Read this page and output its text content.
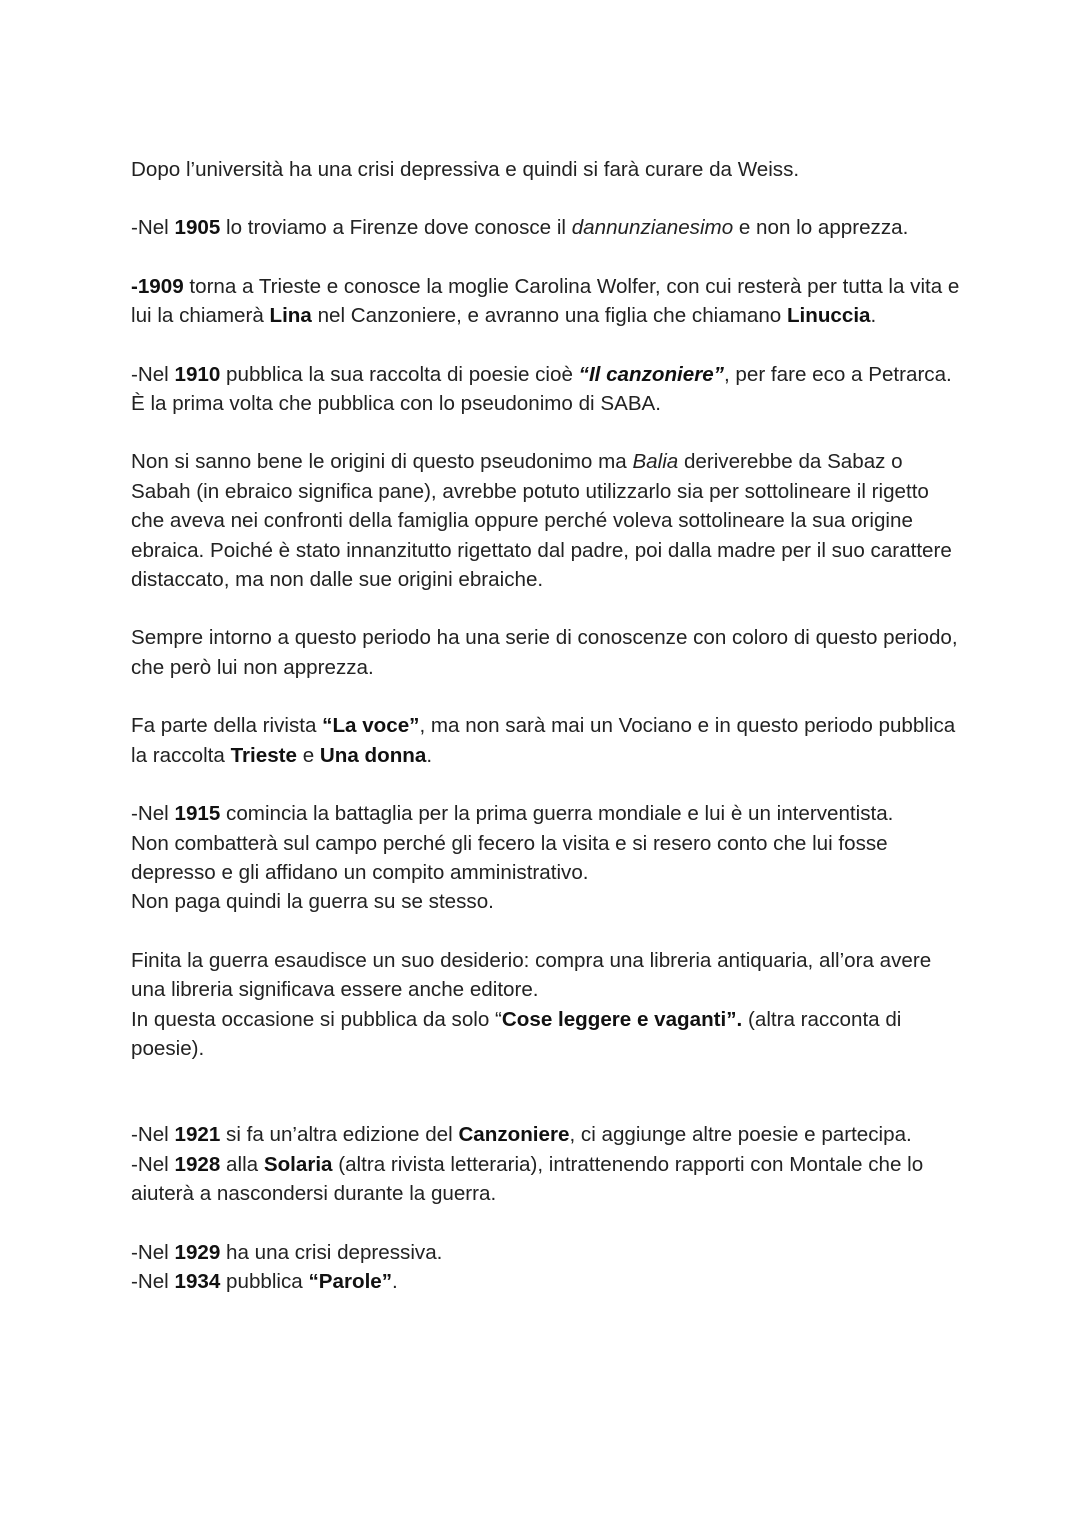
Dopo l’università ha una crisi depressiva e quindi si farà curare da Weiss.

-Nel 1905 lo troviamo a Firenze dove conosce il dannunzianesimo e non lo apprezza.

-1909 torna a Trieste e conosce la moglie Carolina Wolfer, con cui resterà per tutta la vita e lui la chiamerà Lina nel Canzoniere, e avranno una figlia che chiamano Linuccia.

-Nel 1910 pubblica la sua raccolta di poesie cioè “Il canzoniere”, per fare eco a Petrarca. È la prima volta che pubblica con lo pseudonimo di SABA.

Non si sanno bene le origini di questo pseudonimo ma Balia deriverebbe da Sabaz o Sabah (in ebraico significa pane), avrebbe potuto utilizzarlo sia per sottolineare il rigetto che aveva nei confronti della famiglia oppure perché voleva sottolineare la sua origine ebraica. Poiché è stato innanzitutto rigettato dal padre, poi dalla madre per il suo carattere distaccato, ma non dalle sue origini ebraiche.

Sempre intorno a questo periodo ha una serie di conoscenze con coloro di questo periodo, che però lui non apprezza.

Fa parte della rivista “La voce”, ma non sarà mai un Vociano e in questo periodo pubblica la raccolta Trieste e Una donna.

-Nel 1915 comincia la battaglia per la prima guerra mondiale e lui è un interventista.
Non combatterà sul campo perché gli fecero la visita e si resero conto che lui fosse depresso e gli affidano un compito amministrativo.
Non paga quindi la guerra su se stesso.

Finita la guerra esaudisce un suo desiderio: compra una libreria antiquaria, all’ora avere una libreria significava essere anche editore.
In questa occasione si pubblica da solo “Cose leggere e vaganti”. (altra racconta di poesie).

-Nel 1921 si fa un’altra edizione del Canzoniere, ci aggiunge altre poesie e partecipa.
-Nel 1928 alla Solaria (altra rivista letteraria), intrattenendo rapporti con Montale che lo aiuterà a nascondersi durante la guerra.

-Nel 1929 ha una crisi depressiva.
-Nel 1934 pubblica “Parole”.
